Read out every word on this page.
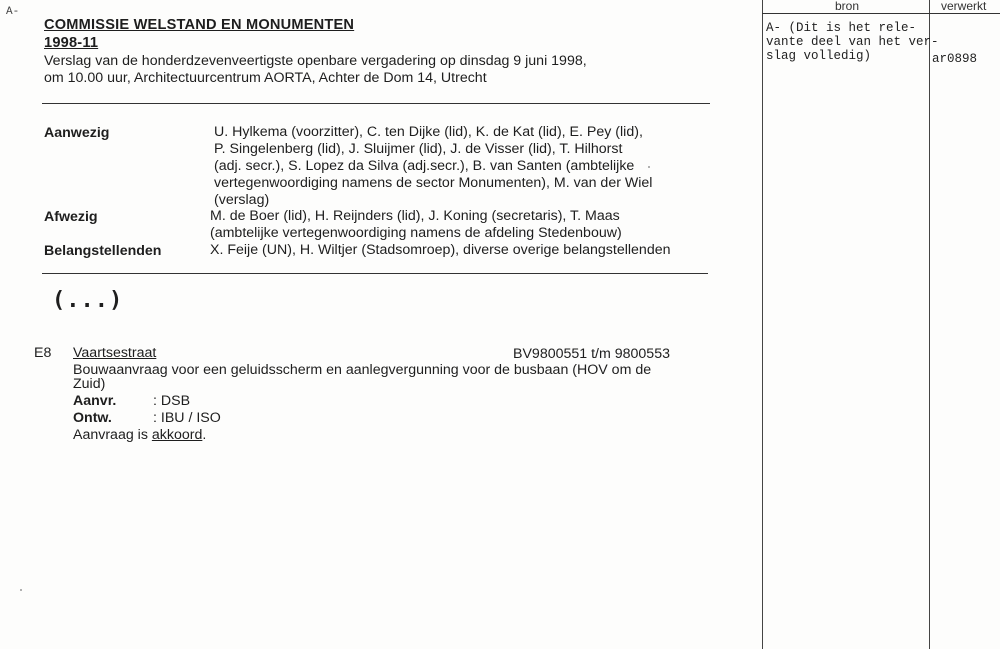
A-
COMMISSIE WELSTAND EN MONUMENTEN
1998-11
Verslag van de honderdzevenveertigste openbare vergadering op dinsdag 9 juni 1998,
om 10.00 uur, Architectuurcentrum AORTA, Achter de Dom 14, Utrecht
Aanwezig	U. Hylkema (voorzitter), C. ten Dijke (lid), K. de Kat (lid), E. Pey (lid),
P. Singelenberg (lid), J. Sluijmer (lid), J. de Visser (lid), T. Hilhorst
(adj. secr.), S. Lopez da Silva (adj.secr.), B. van Santen (ambtelijke
vertegenwoordiging namens de sector Monumenten), M. van der Wiel
(verslag)
Afwezig	M. de Boer (lid), H. Reijnders (lid), J. Koning (secretaris), T. Maas
(ambtelijke vertegenwoordiging namens de afdeling Stedenbouw)
Belangstellenden	X. Feije (UN), H. Wiltjer (Stadsomroep), diverse overige belangstellenden
(...)
E8 Vaartsestraat	BV9800551 t/m 9800553
Bouwaanvraag voor een geluidsscherm en aanlegvergunning voor de busbaan (HOV om de
Zuid)
Aanvr.	: DSB
Ontw.	: IBU / ISO
Aanvraag is akkoord.
bron	verwerkt
A- (Dit is het rele-
vante deel van het ver-
slag volledig)	ar0898
